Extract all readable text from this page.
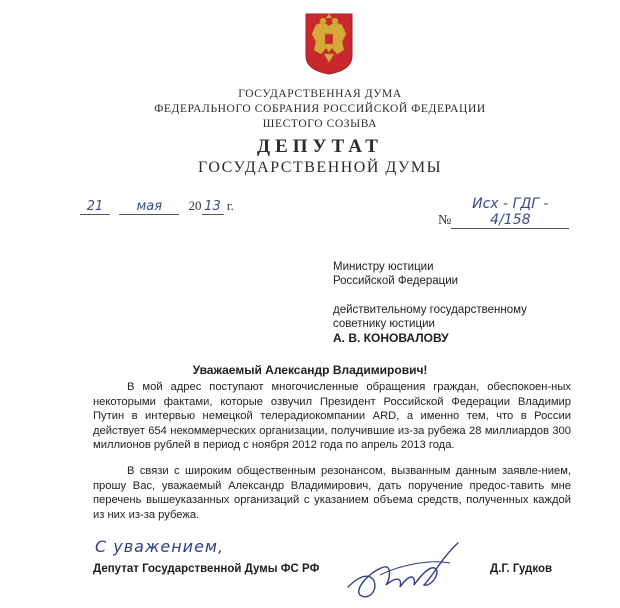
ГОСУДАРСТВЕННАЯ ДУМА
ФЕДЕРАЛЬНОГО СОБРАНИЯ РОССИЙСКОЙ ФЕДЕРАЦИИ
ШЕСТОГО СОЗЫВА
ДЕПУТАТ
ГОСУДАРСТВЕННОЙ ДУМЫ
21	мая 20 13 г.
№Исх - ГДГ - 4/158
Министру юстиции
Российской Федерации
действительному государственному
советнику юстиции
А. В. КОНОВАЛОВУ
Уважаемый Александр Владимирович!
В мой адрес поступают многочисленные обращения граждан, обеспокоен-ных некоторыми фактами, которые озвучил Президент Российской Федерации Владимир Путин в интервью немецкой телерадиокомпании ARD, а именно тем, что в России действует 654 некоммерческих организации, получившие из-за рубежа 28 миллиардов 300 миллионов рублей в период с ноября 2012 года по апрель 2013 года.
В связи с широким общественным резонансом, вызванным данным заявле-нием, прошу Вас, уважаемый Александр Владимирович, дать поручение предос-тавить мне перечень вышеуказанных организаций с указанием объема средств, полученных каждой из них из-за рубежа.
С уважением,
Депутат Государственной Думы ФС РФ	Д.Г. Гудков
